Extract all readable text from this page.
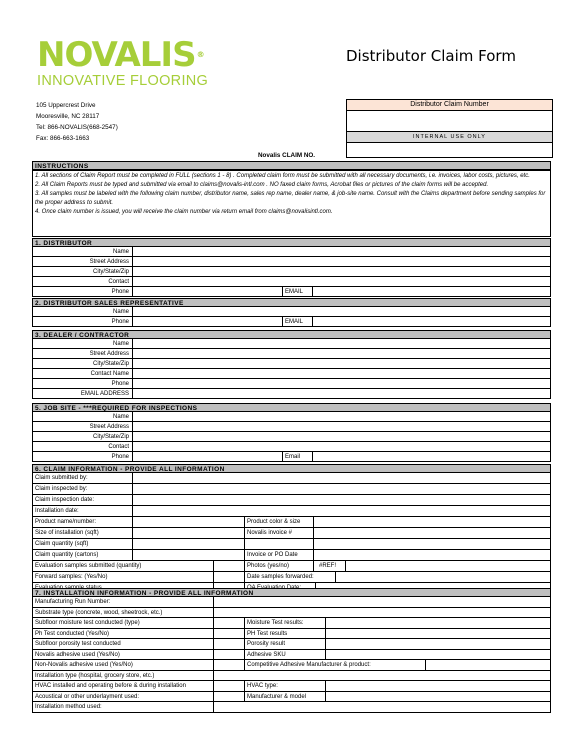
NOVALIS®
INNOVATIVE FLOORING
Distributor Claim Form
105 Uppercrest Drive
Mooresville, NC 28117
Tel: 866-NOVALIS(668-2547)
Fax: 866-663-1663
Distributor Claim Number
INTERNAL USE ONLY
Novalis CLAIM NO.
INSTRUCTIONS

1. All sections of Claim Report must be completed in FULL (sections 1 - 8) . Completed claim form must be submitted with all necessary documents, i.e. invoices, labor costs, pictures, etc.

2. All Claim Reports must be typed and submitted via email to claims@novalis-intl.com . NO faxed claim forms, Acrobat files or pictures of the claim forms will be accepted.

3. All samples must be labeled with the following claim number, distributor name, sales rep name, dealer name, & job-site name. Consult with the Claims department before sending samples for the proper address to submit.

4. Once claim number is issued, you will receive the claim number via return email from claims@novalisintl.com.

1. DISTRIBUTOR
Name
Street Address
City/State/Zip
Contact
Phone	EMAIL
2. DISTRIBUTOR SALES REPRESENTATIVE
Name
Phone	EMAIL
3. DEALER / CONTRACTOR
Name
Street Address
City/State/Zip
Contact Name
Phone
EMAIL ADDRESS
5. JOB SITE - ***REQUIRED FOR INSPECTIONS
Name
Street Address
City/State/Zip
Contact
Phone	Email
6. CLAIM INFORMATION - PROVIDE ALL INFORMATION
Claim submitted by:
Claim inspected by:
Claim inspection date:
Installation date:
Product name/number:	Product color & size
Size of installation (sqft)	Novalis invoice #
Claim quantity (sqft)
Claim quantity (cartons)	Invoice or PO Date
Evaluation samples submitted (quantity)	Photos (yes/no)	#REF!
Forward samples: (Yes/No)	Date samples forwarded:
7. INSTALLATION INFORMATION - PROVIDE ALL INFORMATION
Manufacturing Run Number:
Substrate type (concrete, wood, sheetrock, etc.)
Subfloor moisture test conducted (type)	Moisture Test results:
Ph Test conducted (Yes/No)	PH Test results
Subfloor porosity test conducted	Porosity result
Novalis adhesive used (Yes/No)	Adhesive SKU
Non-Novalis adhesive used (Yes/No)	Competitive Adhesive Manufacturer & product:
Installation type (hospital, grocery store, etc.)
HVAC installed and operating before & during installation	HVAC type:
Acoustical or other underlayment used:	Manufacturer & model
Installation method used:
